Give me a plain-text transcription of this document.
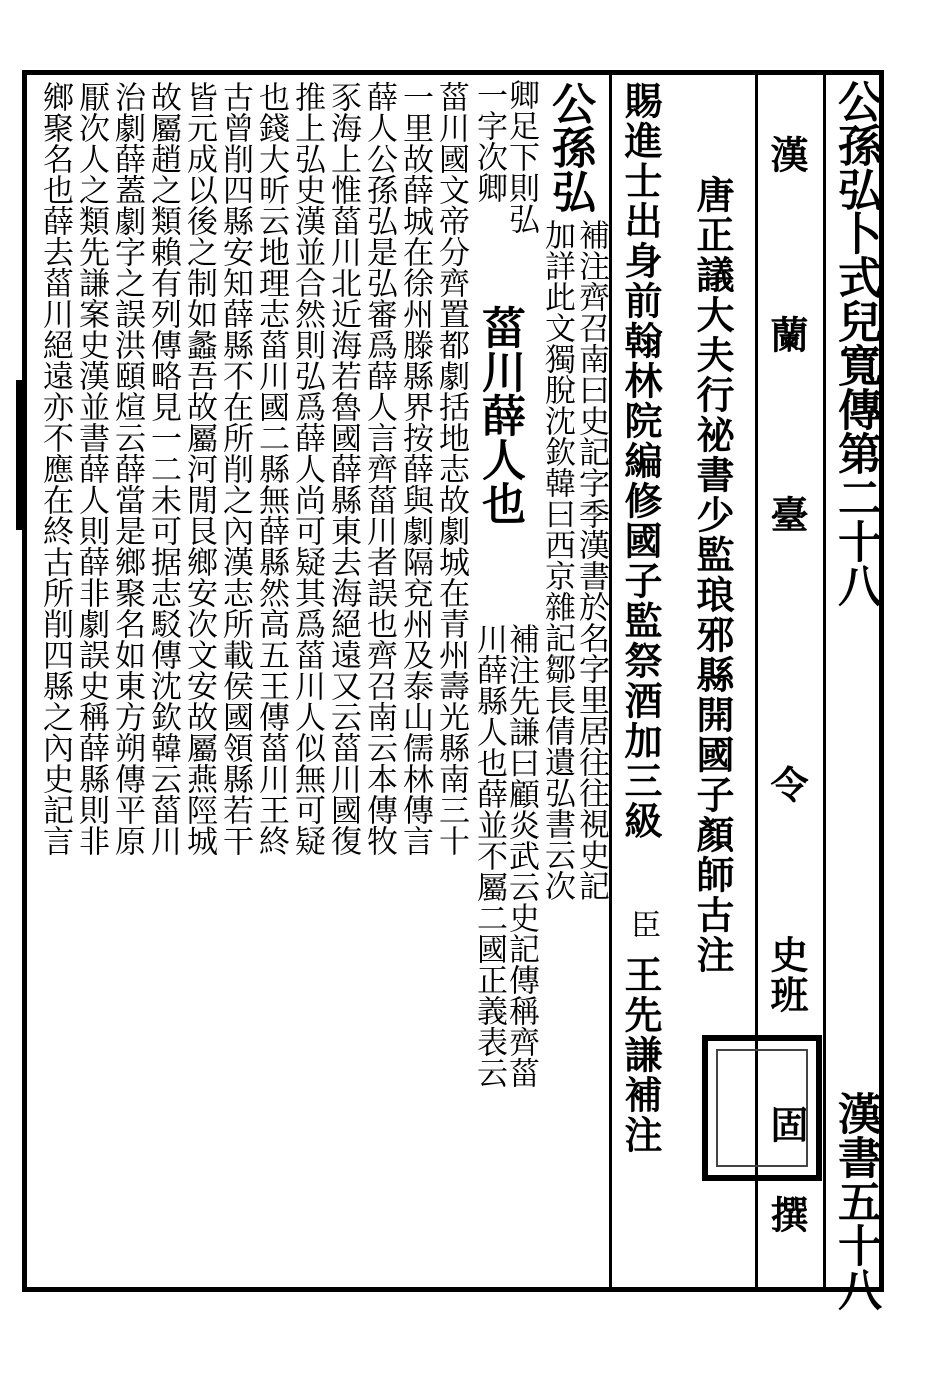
公孫弘卜式兒寬傳第二十八
漢書五十八
漢
蘭
臺
令
史班
固
撰
唐正議大夫行祕書少監琅邪縣開國子顏師古注
賜進士出身前翰林院編修國子監祭酒加三級
臣
王先謙補注
公孫弘
補注齊召南曰史記字季漢書於名字里居往往視史記
加詳此文獨脫沈欽韓曰西京雜記鄒長倩遺弘書云次
卿足下則弘
一字次卿
菑川薛人也
補注先謙曰顧炎武云史記傳稱齊菑
川薛縣人也薛並不屬二國正義表云
菑川國文帝分齊置都劇括地志故劇城在青州壽光縣南三十
一里故薛城在徐州滕縣界按薛與劇隔兗州及泰山儒林傳言
薛人公孫弘是弘審爲薛人言齊菑川者誤也齊召南云本傳牧
豕海上惟菑川北近海若魯國薛縣東去海絕遠又云菑川國復
推上弘史漢並合然則弘爲薛人尚可疑其爲菑川人似無可疑
也錢大昕云地理志菑川國二縣無薛縣然高五王傳菑川王終
古曾削四縣安知薛縣不在所削之內漢志所載侯國領縣若干
皆元成以後之制如蠡吾故屬河閒艮鄉安次文安故屬燕陘城
故屬趙之類賴有列傳略見一二未可据志駁傳沈欽韓云菑川
治劇薛蓋劇字之誤洪頤煊云薛當是鄉聚名如東方朔傳平原
厭次人之類先謙案史漢並書薛人則薛非劇誤史稱薛縣則非
鄉聚名也薛去菑川絕遠亦不應在終古所削四縣之內史記言
